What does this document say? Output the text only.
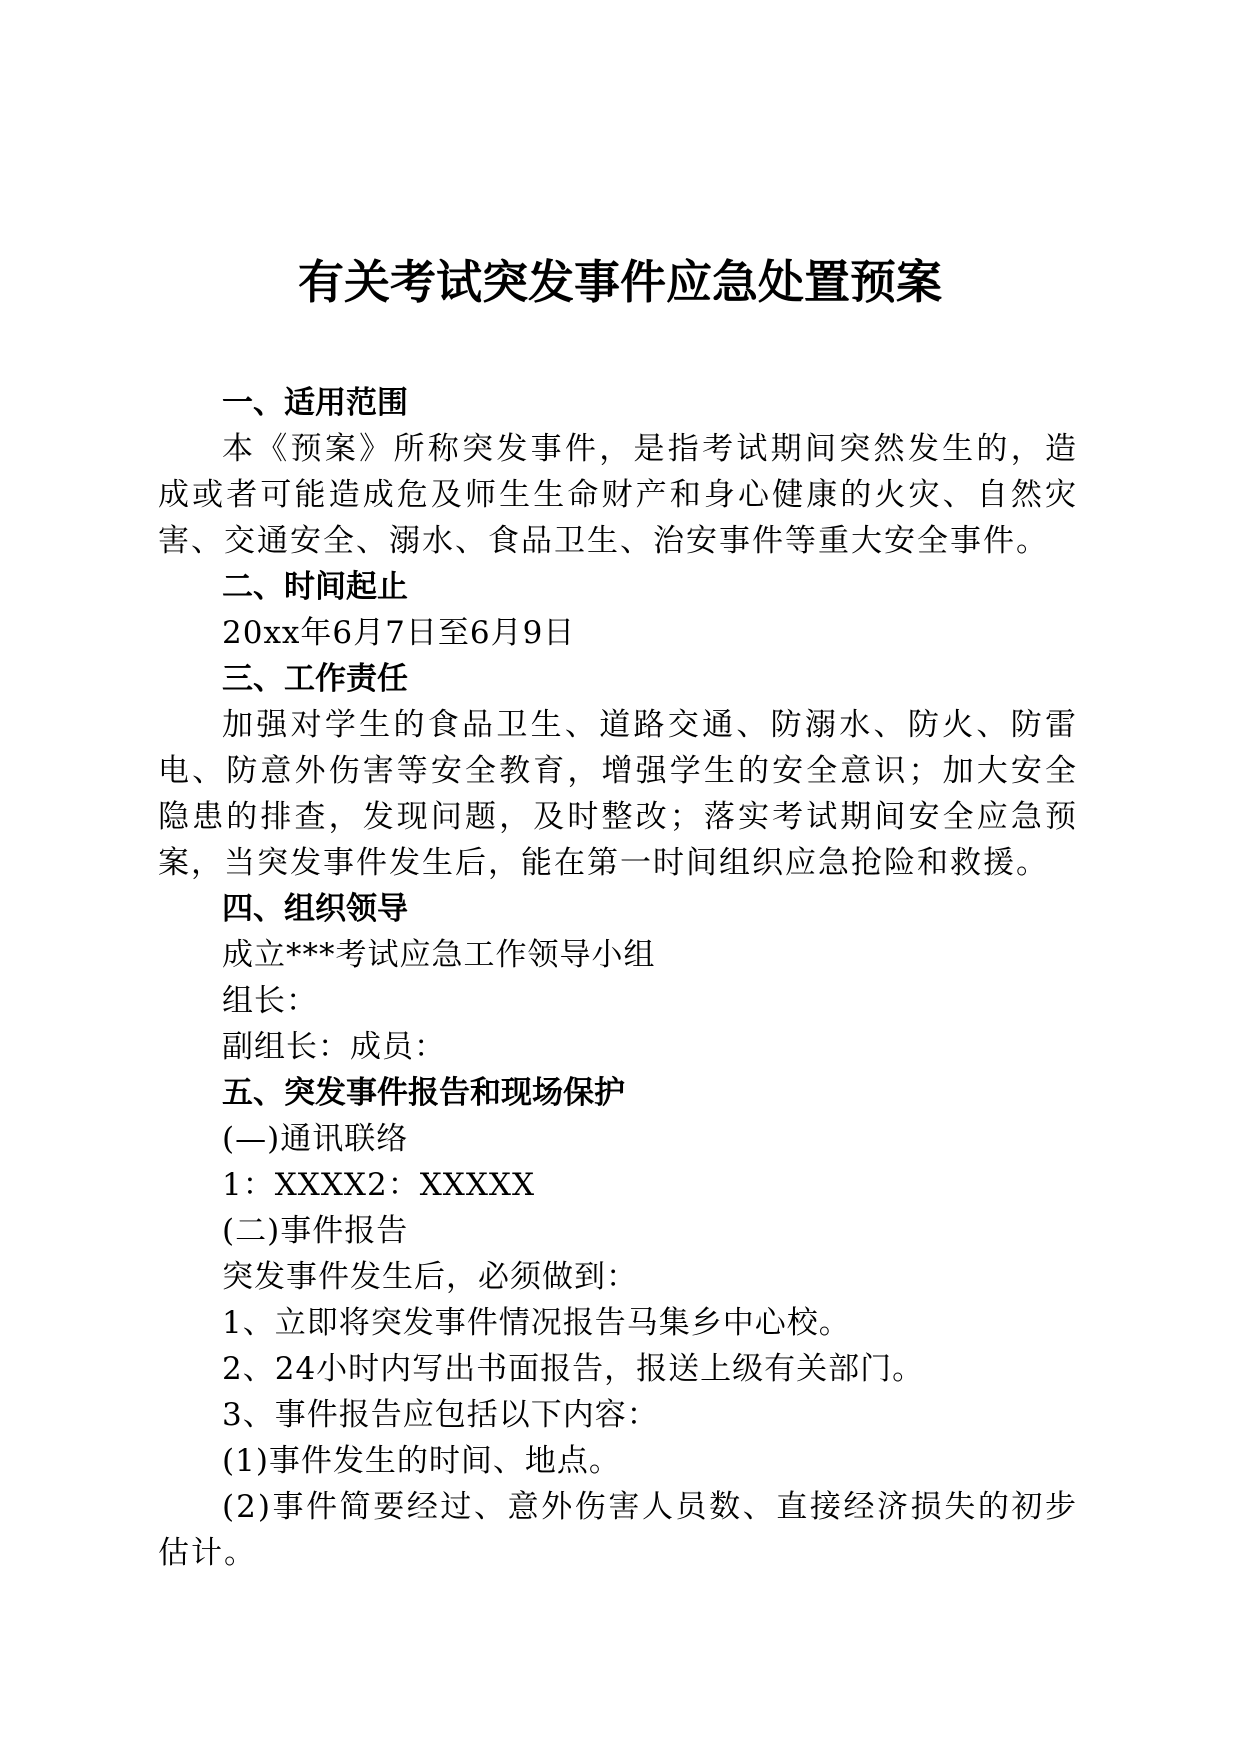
有关考试突发事件应急处置预案

一、适用范围

本《预案》所称突发事件，是指考试期间突然发生的，造成或者可能造成危及师生生命财产和身心健康的火灾、自然灾害、交通安全、溺水、食品卫生、治安事件等重大安全事件。

二、时间起止

20xx年6月7日至6月9日

三、工作责任

加强对学生的食品卫生、道路交通、防溺水、防火、防雷电、防意外伤害等安全教育，增强学生的安全意识；加大安全隐患的排查，发现问题，及时整改；落实考试期间安全应急预案，当突发事件发生后，能在第一时间组织应急抢险和救援。

四、组织领导

成立***考试应急工作领导小组

组长：

副组长：成员：

五、突发事件报告和现场保护

(—)通讯联络

1：XXXX2：XXXXX

(二)事件报告

突发事件发生后，必须做到：

1、立即将突发事件情况报告马集乡中心校。

2、24小时内写出书面报告，报送上级有关部门。

3、事件报告应包括以下内容：

(1)事件发生的时间、地点。

(2)事件简要经过、意外伤害人员数、直接经济损失的初步估计。
